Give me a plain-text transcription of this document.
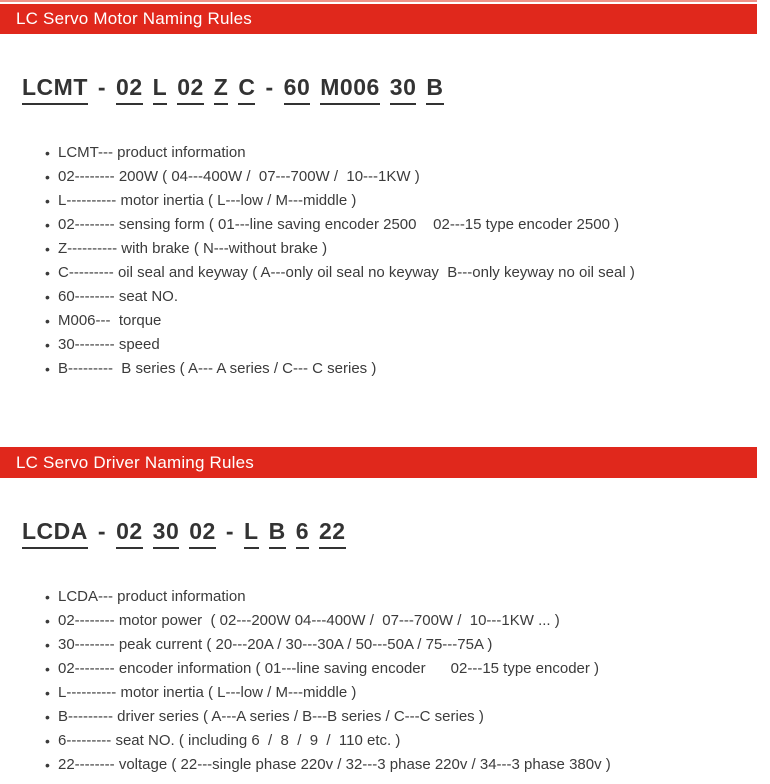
LC Servo Motor Naming Rules
LCMT - 02 L 02 Z C - 60 M006 30 B
• LCMT--- product information
• 02-------- 200W ( 04---400W /  07---700W /  10---1KW )
• L---------- motor inertia ( L---low / M---middle )
• 02-------- sensing form ( 01---line saving encoder 2500    02---15 type encoder 2500 )
• Z---------- with brake ( N---without brake )
• C--------- oil seal and keyway ( A---only oil seal no keyway  B---only keyway no oil seal )
• 60-------- seat NO.
• M006---  torque
• 30-------- speed
• B---------  B series ( A--- A series / C--- C series )
LC Servo Driver Naming Rules
LCDA - 02 30 02 - L B 6 22
• LCDA--- product information
• 02-------- motor power  ( 02---200W 04---400W /  07---700W /  10---1KW ... )
• 30-------- peak current ( 20---20A / 30---30A / 50---50A / 75---75A )
• 02-------- encoder information ( 01---line saving encoder      02---15 type encoder )
• L---------- motor inertia ( L---low / M---middle )
• B--------- driver series ( A---A series / B---B series / C---C series )
• 6--------- seat NO. ( including 6  /  8  /  9  /  110 etc. )
• 22-------- voltage ( 22---single phase 220v / 32---3 phase 220v / 34---3 phase 380v )
